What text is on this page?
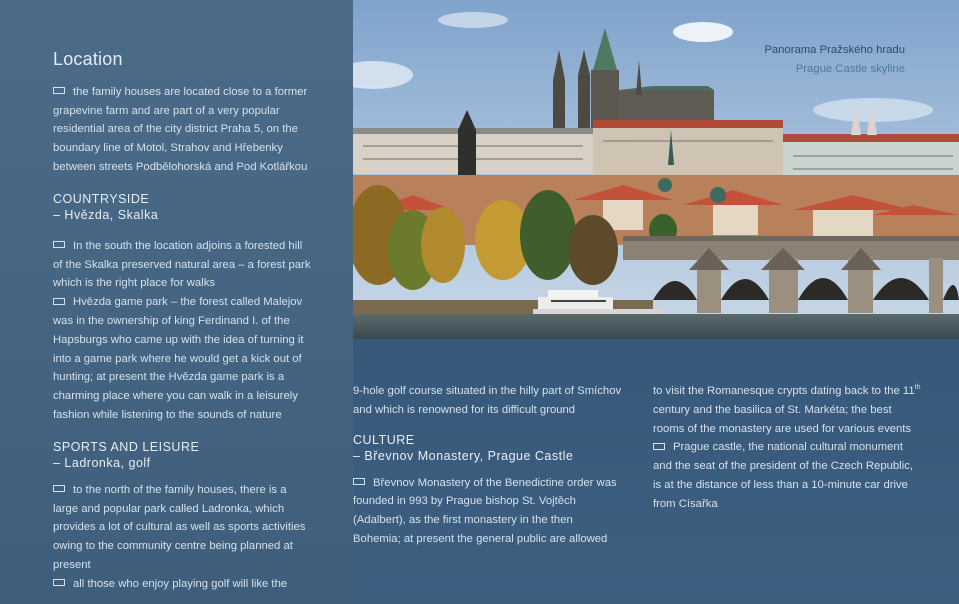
Panorama Pražského hradu
Prague Castle skyline
Location

the family houses are located close to a former grapevine farm and are part of a very popular residential area of the city district Praha 5, on the boundary line of Motol, Strahov and Hřebenky between streets Podbělohorská and Pod Kotlářkou

COUNTRYSIDE
– Hvězda, Skalka

In the south the location adjoins a forested hill of the Skalka preserved natural area – a forest park which is the right place for walks

Hvězda game park – the forest called Malejov was in the ownership of king Ferdinand I. of the Hapsburgs who came up with the idea of turning it into a game park where he would get a kick out of hunting; at present the Hvězda game park is a charming place where you can walk in a leisurely fashion while listening to the sounds of nature

SPORTS AND LEISURE
– Ladronka, golf

to the north of the family houses, there is a large and popular park called Ladronka, which provides a lot of cultural as well as sports activities owing to the community centre being planned at present

all those who enjoy playing golf will like the

9-hole golf course situated in the hilly part of Smíchov and which is renowned for its difficult ground

CULTURE
– Břevnov Monastery, Prague Castle

Břevnov Monastery of the Benedictine order was founded in 993 by Prague bishop St. Vojtěch (Adalbert), as the first monastery in the then Bohemia; at present the general public are allowed

to visit the Romanesque crypts dating back to the 11th century and the basilica of St. Markéta; the best rooms of the monastery are used for various events

Prague castle, the national cultural monument and the seat of the president of the Czech Republic, is at the distance of less than a 10-minute car drive from Císařka
